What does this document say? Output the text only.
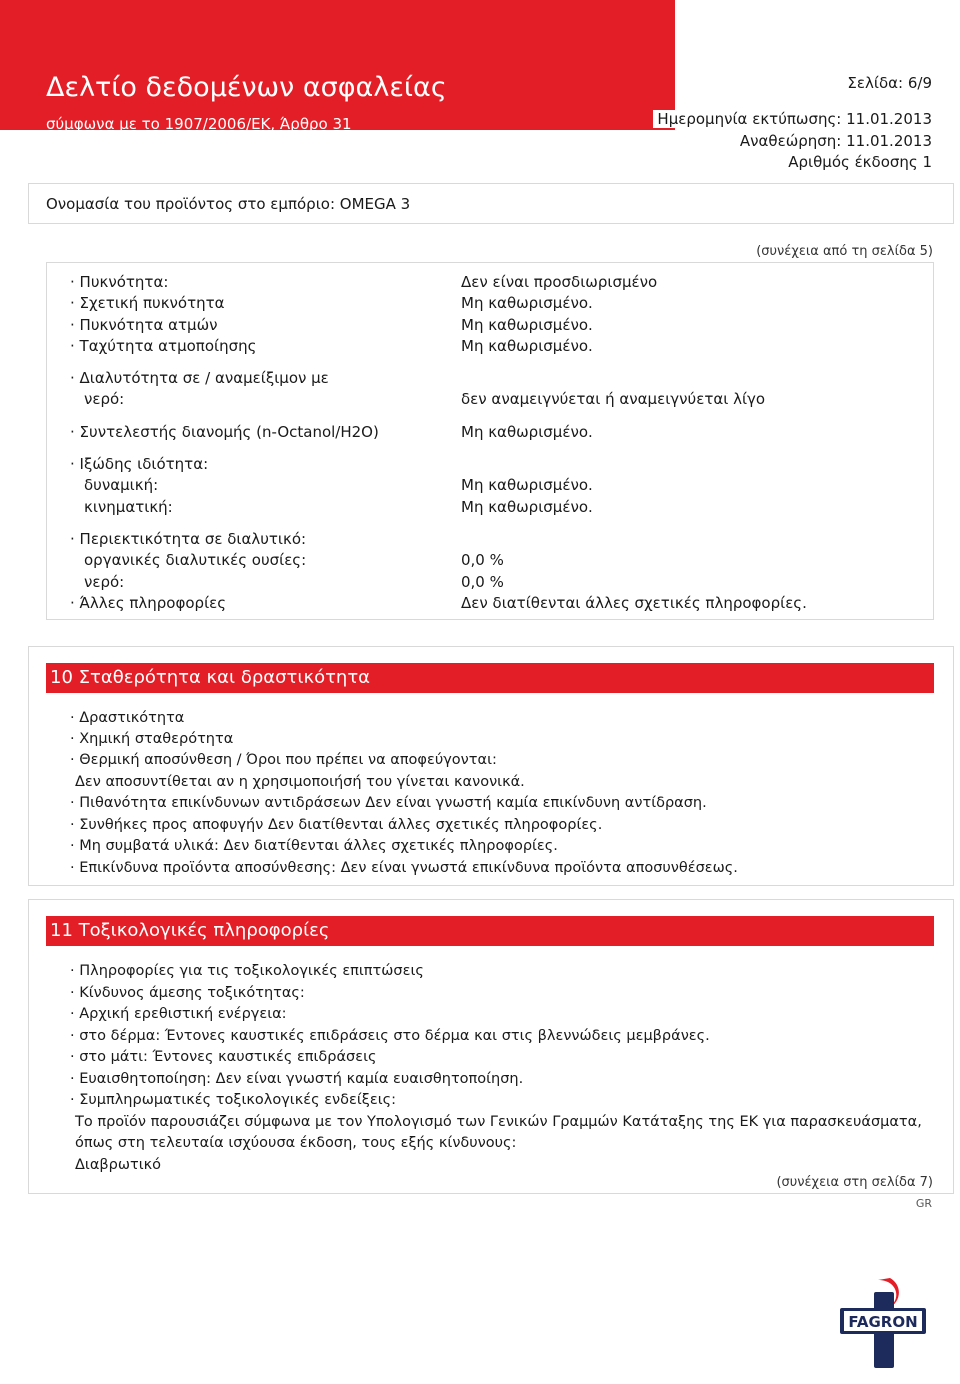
Δελτίο δεδομένων ασφαλείας
σύμφωνα με το 1907/2006/ΕΚ, Άρθρο 31
Σελίδα: 6/9
Ημερομηνία εκτύπωσης: 11.01.2013
Αναθεώρηση: 11.01.2013
Αριθμός έκδοσης 1
Ονομασία του προϊόντος στο εμπόριο: OMEGA 3
(συνέχεια από τη σελίδα 5)
· Πυκνότητα:	Δεν είναι προσδιωρισμένο
· Σχετική πυκνότητα	Μη καθωρισμένο.
· Πυκνότητα ατμών	Μη καθωρισμένο.
· Ταχύτητα ατμοποίησης	Μη καθωρισμένο.
· Διαλυτότητα σε / αναμείξιμον με
νερό:	δεν αναμειγνύεται ή αναμειγνύεται λίγο
· Συντελεστής διανομής (n-Octanol/H2O)	Μη καθωρισμένο.
· Ιξώδης ιδιότητα:
δυναμική:	Μη καθωρισμένο.
κινηματική:	Μη καθωρισμένο.
· Περιεκτικότητα σε διαλυτικό:
οργανικές διαλυτικές ουσίες:	0,0 %
νερό:	0,0 %
· Άλλες πληροφορίες	Δεν διατίθενται άλλες σχετικές πληροφορίες.
10 Σταθερότητα και δραστικότητα
· Δραστικότητα
· Χημική σταθερότητα
· Θερμική αποσύνθεση / Όροι που πρέπει να αποφεύγονται:
Δεν αποσυντίθεται αν η χρησιμοποιήσή του γίνεται κανονικά.
· Πιθανότητα επικίνδυνων αντιδράσεων Δεν είναι γνωστή καμία επικίνδυνη αντίδραση.
· Συνθήκες προς αποφυγήν Δεν διατίθενται άλλες σχετικές πληροφορίες.
· Μη συμβατά υλικά: Δεν διατίθενται άλλες σχετικές πληροφορίες.
· Επικίνδυνα προϊόντα αποσύνθεσης: Δεν είναι γνωστά επικίνδυνα προϊόντα αποσυνθέσεως.
11 Τοξικολογικές πληροφορίες
· Πληροφορίες για τις τοξικολογικές επιπτώσεις
· Κίνδυνος άμεσης τοξικότητας:
· Αρχική ερεθιστική ενέργεια:
· στο δέρμα: Έντονες καυστικές επιδράσεις στο δέρμα και στις βλεννώδεις μεμβράνες.
· στο μάτι: Έντονες καυστικές επιδράσεις
· Ευαισθητοποίηση: Δεν είναι γνωστή καμία ευαισθητοποίηση.
· Συμπληρωματικές τοξικολογικές ενδείξεις:
Το προϊόν παρουσιάζει σύμφωνα με τον Υπολογισμό των Γενικών Γραμμών Κατάταξης της ΕΚ για παρασκευάσματα,
όπως στη τελευταία ισχύουσα έκδοση, τους εξής κίνδυνους:
Διαβρωτικό
(συνέχεια στη σελίδα 7)
GR
FAGRON
